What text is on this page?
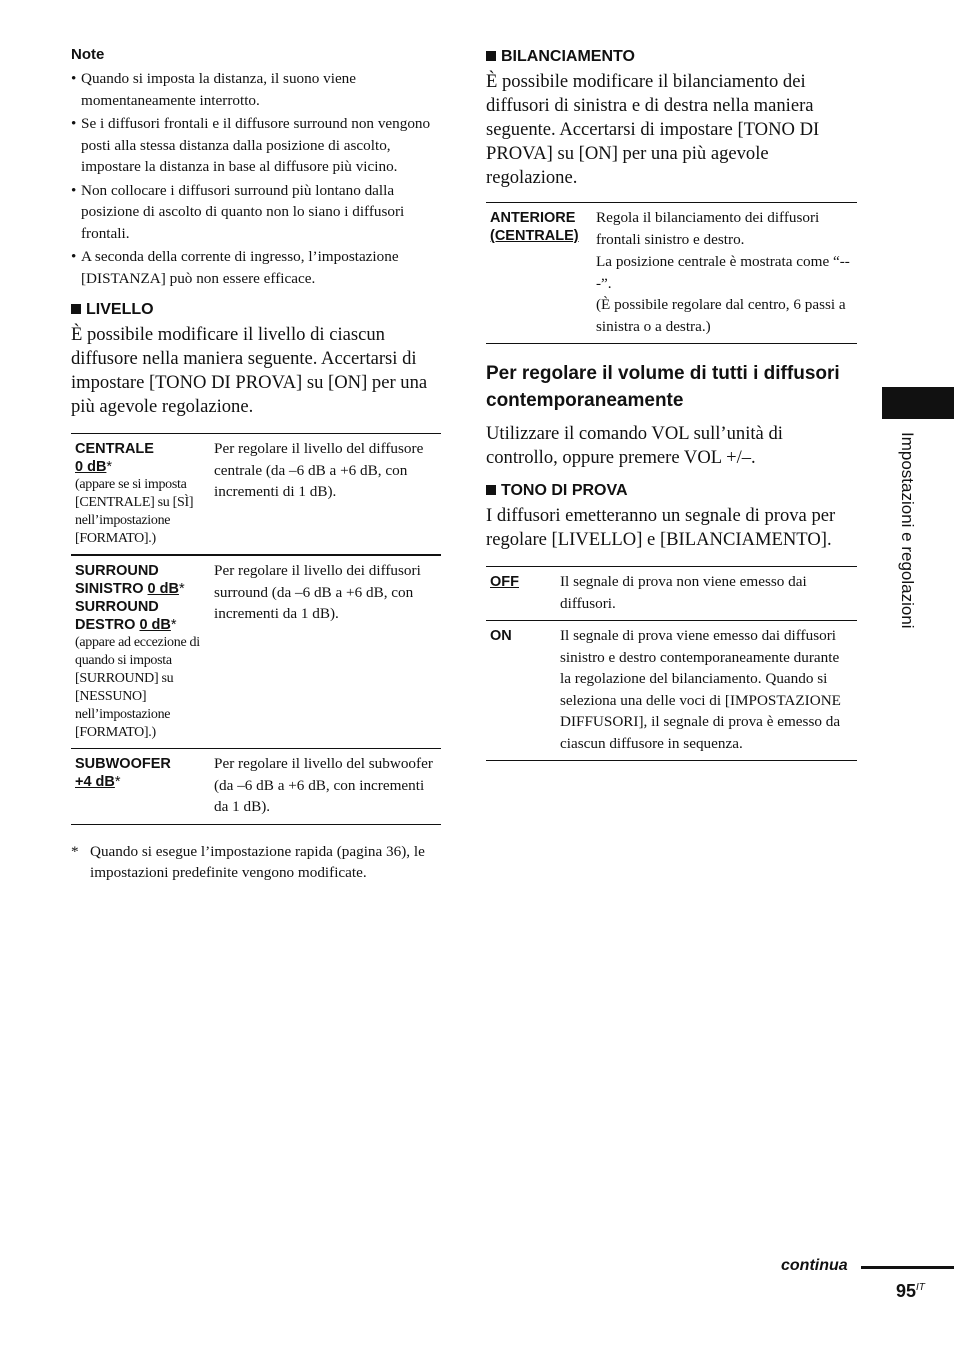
Note

• Quando si imposta la distanza, il suono viene momentaneamente interrotto.
• Se i diffusori frontali e il diffusore surround non vengono posti alla stessa distanza dalla posizione di ascolto, impostare la distanza in base al diffusore più vicino.
• Non collocare i diffusori surround più lontano dalla posizione di ascolto di quanto non lo siano i diffusori frontali.
• A seconda della corrente di ingresso, l’impostazione [DISTANZA] può non essere efficace.

LIVELLO

È possibile modificare il livello di ciascun diffusore nella maniera seguente. Accertarsi di impostare [TONO DI PROVA] su [ON] per una più agevole regolazione.

CENTRALE
0 dB*
(appare se si imposta [CENTRALE] su [SÌ] nell’impostazione [FORMATO].)	Per regolare il livello del diffusore centrale (da –6 dB a +6 dB, con incrementi di 1 dB).

SURROUND SINISTRO 0 dB*
SURROUND DESTRO 0 dB*
(appare ad eccezione di quando si imposta [SURROUND] su [NESSUNO] nell’impostazione [FORMATO].)	Per regolare il livello dei diffusori surround (da –6 dB a +6 dB, con incrementi da 1 dB).

SUBWOOFER
+4 dB*	Per regolare il livello del subwoofer (da –6 dB a +6 dB, con incrementi da 1 dB).
* Quando si esegue l’impostazione rapida (pagina 36), le impostazioni predefinite vengono modificate.

BILANCIAMENTO

È possibile modificare il bilanciamento dei diffusori di sinistra e di destra nella maniera seguente. Accertarsi di impostare [TONO DI PROVA] su [ON] per una più agevole regolazione.

ANTERIORE
(CENTRALE)

Regola il bilanciamento dei diffusori frontali sinistro e destro.
La posizione centrale è mostrata come “---”.
(È possibile regolare dal centro, 6 passi a sinistra o a destra.)

Per regolare il volume di tutti i diffusori contemporaneamente

Utilizzare il comando VOL sull’unità di controllo, oppure premere VOL +/–.

TONO DI PROVA

I diffusori emetteranno un segnale di prova per regolare [LIVELLO] e [BILANCIAMENTO].

OFF	Il segnale di prova non viene emesso dai diffusori.
ON	Il segnale di prova viene emesso dai diffusori sinistro e destro contemporaneamente durante la regolazione del bilanciamento. Quando si seleziona una delle voci di [IMPOSTAZIONE DIFFUSORI], il segnale di prova è emesso da ciascun diffusore in sequenza.
Impostazioni e regolazioni
continua
$95^{IT}$
